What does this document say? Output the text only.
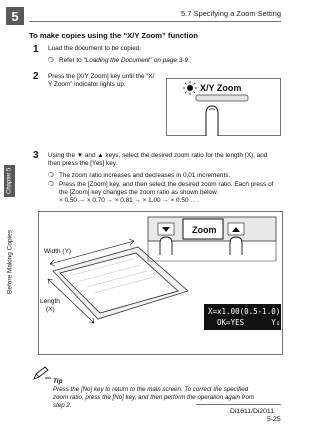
5	5.7 Specifying a Zoom Setting
Chapter 5
Before Making Copies
To make copies using the “X/Y Zoom” function
1 Load the document to be copied.
❍ Refer to “Loading the Document” on page 3-9.
2 Press the [X/Y Zoom] key until the “X/
Y Zoom” indicator lights up.	X/Y Zoom
3 Using the ▼ and ▲ keys, select the desired zoom ratio for the length (X), and
then press the [Yes] key.
❍ The zoom ratio increases and decreases in 0.01 increments.
❍ Press the [Zoom] key, and then select the desired zoom ratio. Each press of
the [Zoom] key changes the zoom ratio as shown below.
× 0.50 → × 0.70 → × 0.81 → × 1.00 → × 0.50 . . .
Width (Y)
Length
(X)
Zoom
X=x1.00(0.5-1.0) →X
OK=YES      Y↓
Tip
Press the [No] key to return to the main screen. To correct the specified
zoom ratio, press the [No] key, and then perform the operation again from
step 2.
Di1611/Di2011
5-25
